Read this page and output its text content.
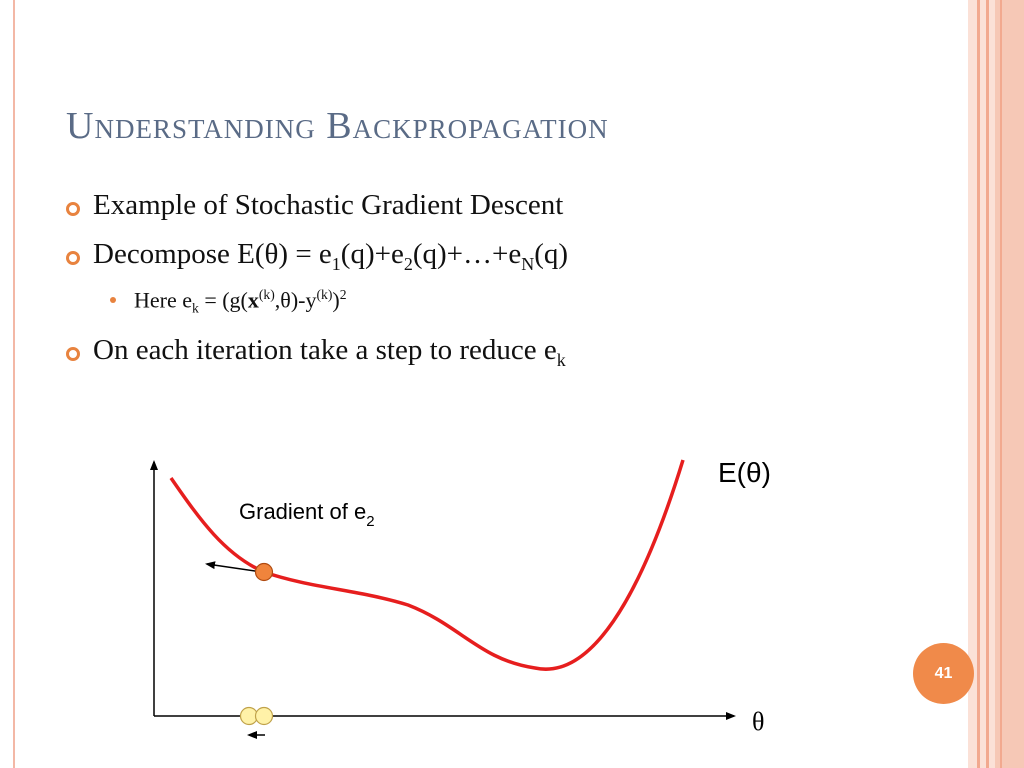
Understanding Backpropagation
Example of Stochastic Gradient Descent
Decompose $E(\theta) = e_1(q)+e_2(q)+\dots+e_N(q)$
Here $e_k = (g(x^{(k)},\theta)-y^{(k)})^2$
On each iteration take a step to reduce $e_k$
Gradient of $e_2$
E(θ)
θ
41
